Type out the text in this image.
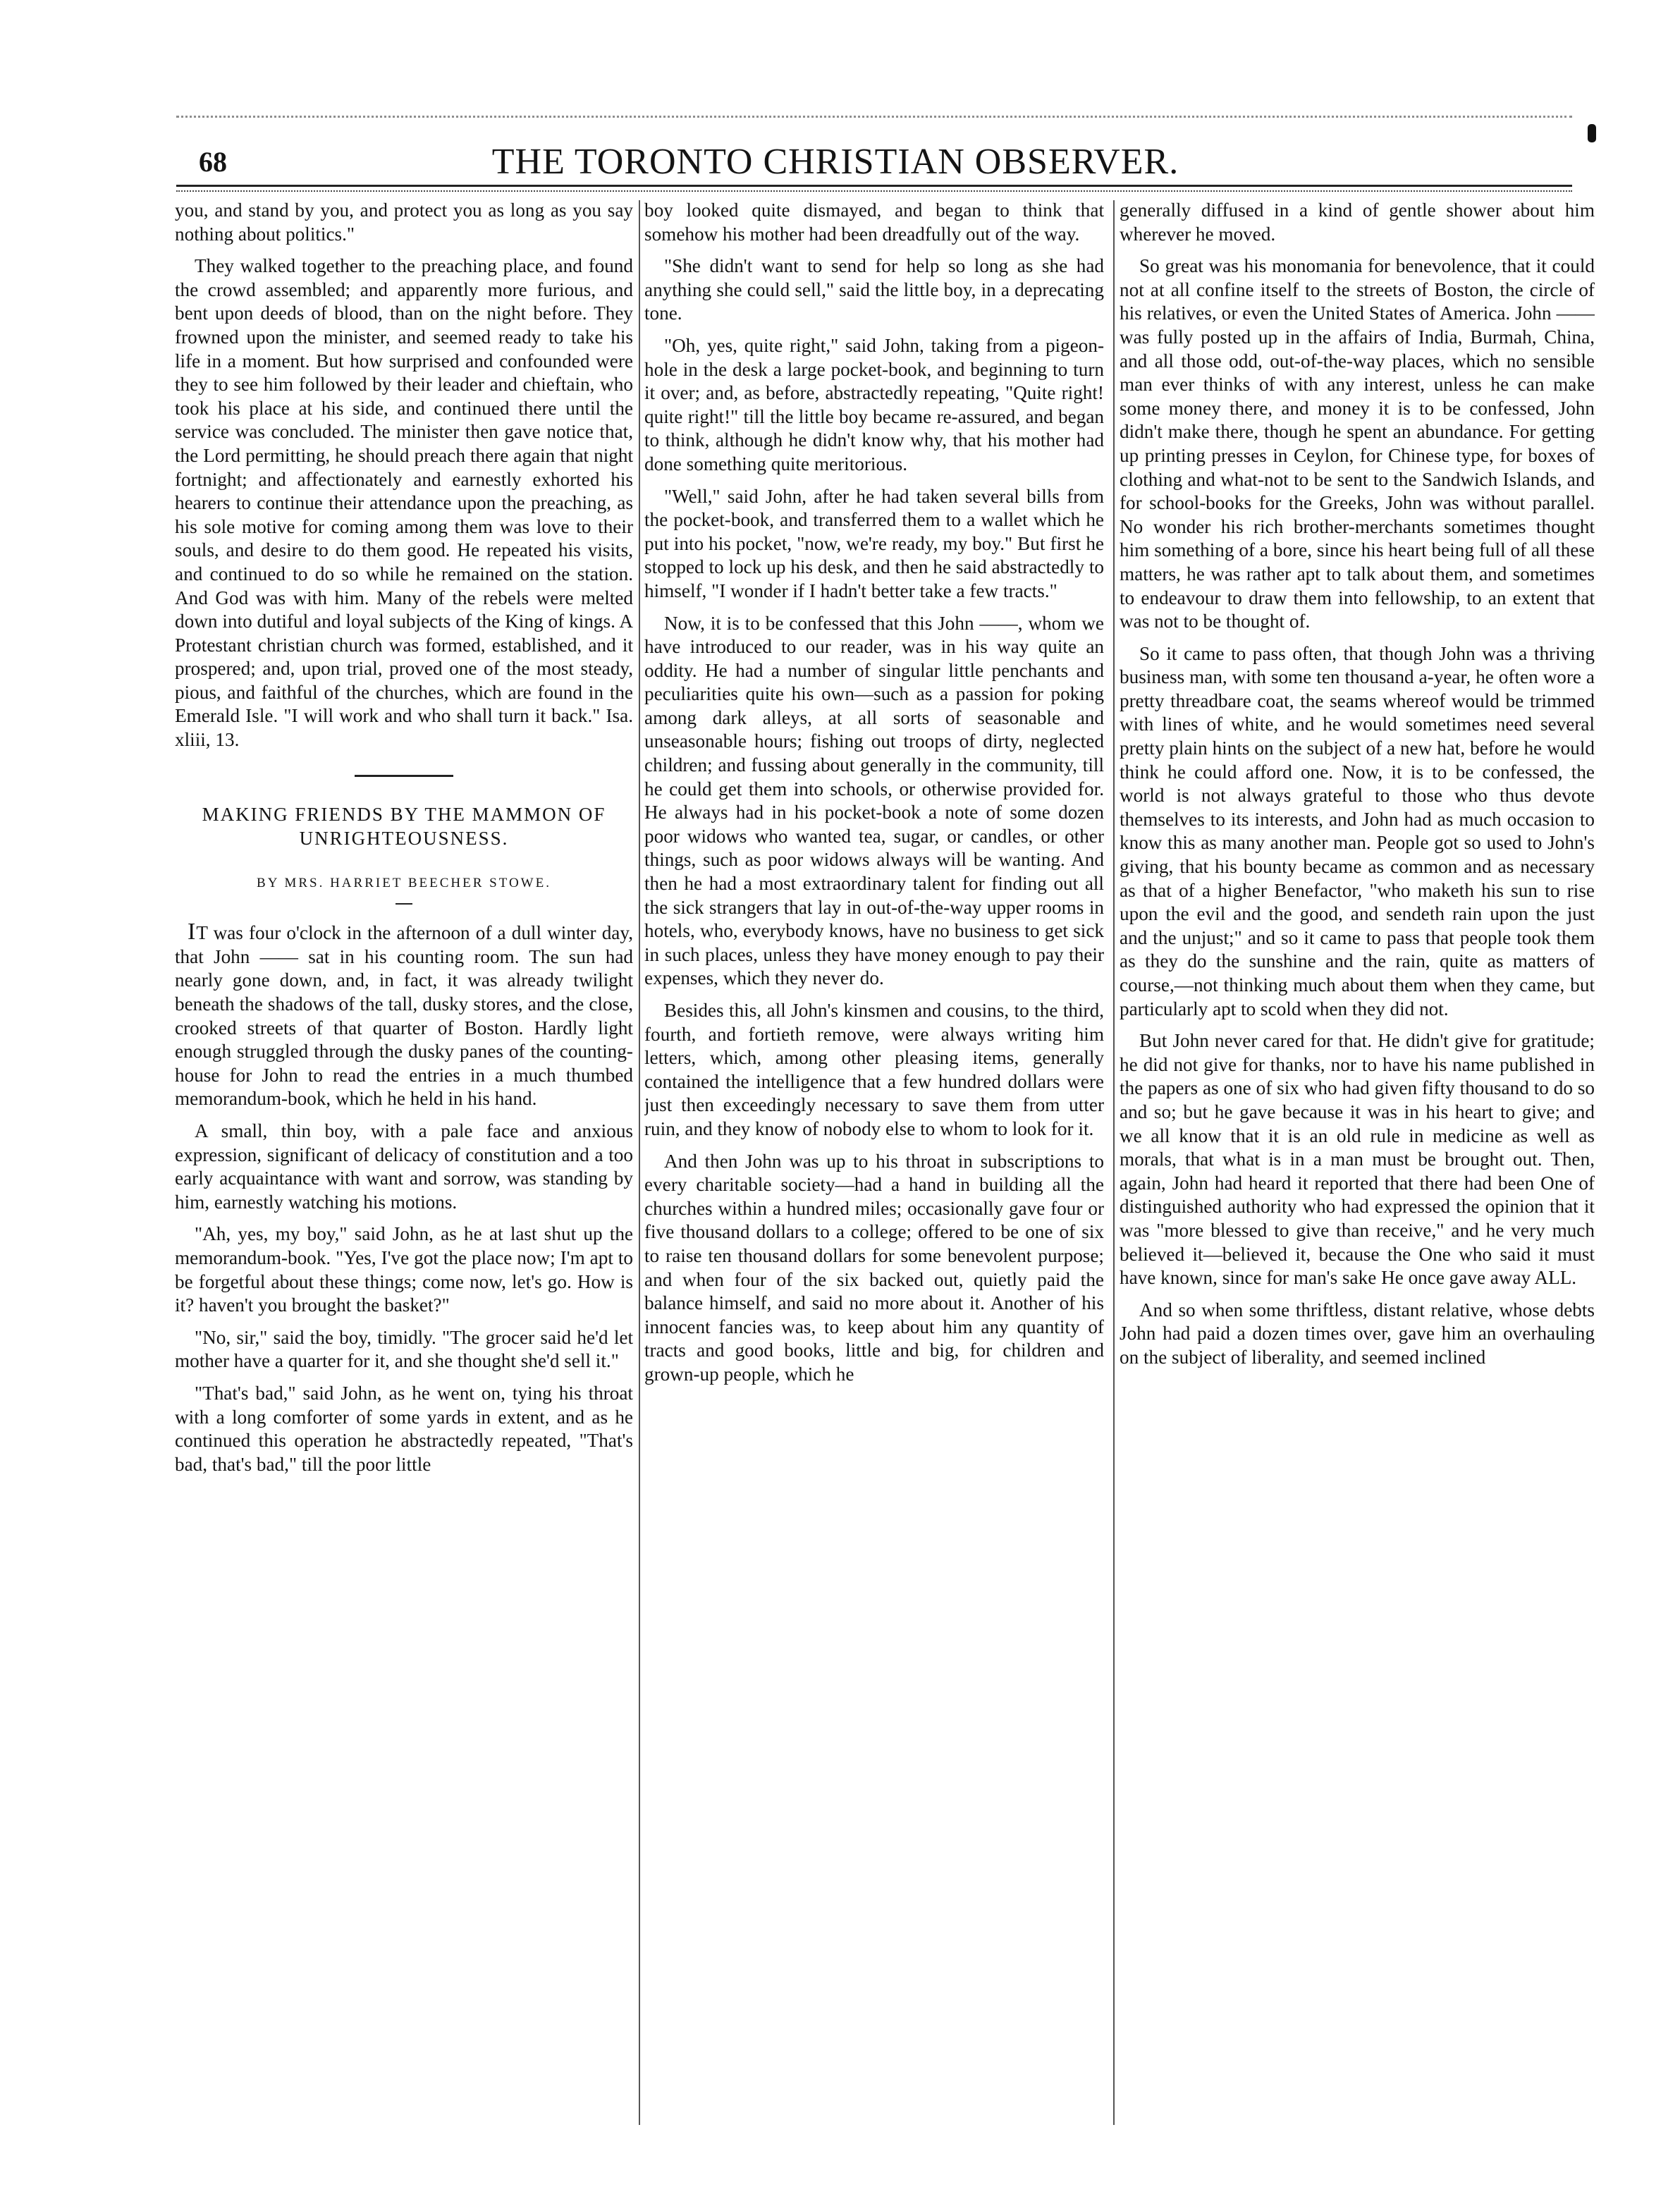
68	THE TORONTO CHRISTIAN OBSERVER.

you, and stand by you, and protect you as long as you say nothing about politics."

They walked together to the preaching place, and found the crowd assembled; and apparently more furious, and bent upon deeds of blood, than on the night before. They frowned upon the minister, and seemed ready to take his life in a moment. But how surprised and confounded were they to see him followed by their leader and chieftain, who took his place at his side, and continued there until the service was concluded. The minister then gave notice that, the Lord permitting, he should preach there again that night fortnight; and affectionately and earnestly exhorted his hearers to continue their attendance upon the preaching, as his sole motive for coming among them was love to their souls, and desire to do them good. He repeated his visits, and continued to do so while he remained on the station. And God was with him. Many of the rebels were melted down into dutiful and loyal subjects of the King of kings. A Protestant christian church was formed, established, and it prospered; and, upon trial, proved one of the most steady, pious, and faithful of the churches, which are found in the Emerald Isle. "I will work and who shall turn it back." Isa. xliii, 13.

MAKING FRIENDS BY THE MAMMON OF UNRIGHTEOUSNESS.
BY MRS. HARRIET BEECHER STOWE.

IT was four o'clock in the afternoon of a dull winter day, that John —— sat in his counting room. The sun had nearly gone down, and, in fact, it was already twilight beneath the shadows of the tall, dusky stores, and the close, crooked streets of that quarter of Boston. Hardly light enough struggled through the dusky panes of the counting-house for John to read the entries in a much thumbed memorandum-book, which he held in his hand.

A small, thin boy, with a pale face and anxious expression, significant of delicacy of constitution and a too early acquaintance with want and sorrow, was standing by him, earnestly watching his motions.

"Ah, yes, my boy," said John, as he at last shut up the memorandum-book. "Yes, I've got the place now; I'm apt to be forgetful about these things; come now, let's go. How is it? haven't you brought the basket?"

"No, sir," said the boy, timidly. "The grocer said he'd let mother have a quarter for it, and she thought she'd sell it."

"That's bad," said John, as he went on, tying his throat with a long comforter of some yards in extent, and as he continued this operation he abstractedly repeated, "That's bad, that's bad," till the poor little

boy looked quite dismayed, and began to think that somehow his mother had been dreadfully out of the way.

"She didn't want to send for help so long as she had anything she could sell," said the little boy, in a deprecating tone.

"Oh, yes, quite right," said John, taking from a pigeon-hole in the desk a large pocket-book, and beginning to turn it over; and, as before, abstractedly repeating, "Quite right! quite right!" till the little boy became re-assured, and began to think, although he didn't know why, that his mother had done something quite meritorious.

"Well," said John, after he had taken several bills from the pocket-book, and transferred them to a wallet which he put into his pocket, "now, we're ready, my boy." But first he stopped to lock up his desk, and then he said abstractedly to himself, "I wonder if I hadn't better take a few tracts."

Now, it is to be confessed that this John ——, whom we have introduced to our reader, was in his way quite an oddity. He had a number of singular little penchants and peculiarities quite his own—such as a passion for poking among dark alleys, at all sorts of seasonable and unseasonable hours; fishing out troops of dirty, neglected children; and fussing about generally in the community, till he could get them into schools, or otherwise provided for. He always had in his pocket-book a note of some dozen poor widows who wanted tea, sugar, or candles, or other things, such as poor widows always will be wanting. And then he had a most extraordinary talent for finding out all the sick strangers that lay in out-of-the-way upper rooms in hotels, who, everybody knows, have no business to get sick in such places, unless they have money enough to pay their expenses, which they never do.

Besides this, all John's kinsmen and cousins, to the third, fourth, and fortieth remove, were always writing him letters, which, among other pleasing items, generally contained the intelligence that a few hundred dollars were just then exceedingly necessary to save them from utter ruin, and they know of nobody else to whom to look for it.

And then John was up to his throat in subscriptions to every charitable society—had a hand in building all the churches within a hundred miles; occasionally gave four or five thousand dollars to a college; offered to be one of six to raise ten thousand dollars for some benevolent purpose; and when four of the six backed out, quietly paid the balance himself, and said no more about it. Another of his innocent fancies was, to keep about him any quantity of tracts and good books, little and big, for children and grown-up people, which he

generally diffused in a kind of gentle shower about him wherever he moved.

So great was his monomania for benevolence, that it could not at all confine itself to the streets of Boston, the circle of his relatives, or even the United States of America. John —— was fully posted up in the affairs of India, Burmah, China, and all those odd, out-of-the-way places, which no sensible man ever thinks of with any interest, unless he can make some money there, and money it is to be confessed, John didn't make there, though he spent an abundance. For getting up printing presses in Ceylon, for Chinese type, for boxes of clothing and what-not to be sent to the Sandwich Islands, and for school-books for the Greeks, John was without parallel. No wonder his rich brother-merchants sometimes thought him something of a bore, since his heart being full of all these matters, he was rather apt to talk about them, and sometimes to endeavour to draw them into fellowship, to an extent that was not to be thought of.

So it came to pass often, that though John was a thriving business man, with some ten thousand a-year, he often wore a pretty threadbare coat, the seams whereof would be trimmed with lines of white, and he would sometimes need several pretty plain hints on the subject of a new hat, before he would think he could afford one. Now, it is to be confessed, the world is not always grateful to those who thus devote themselves to its interests, and John had as much occasion to know this as many another man. People got so used to John's giving, that his bounty became as common and as necessary as that of a higher Benefactor, "who maketh his sun to rise upon the evil and the good, and sendeth rain upon the just and the unjust;" and so it came to pass that people took them as they do the sunshine and the rain, quite as matters of course,—not thinking much about them when they came, but particularly apt to scold when they did not.

But John never cared for that. He didn't give for gratitude; he did not give for thanks, nor to have his name published in the papers as one of six who had given fifty thousand to do so and so; but he gave because it was in his heart to give; and we all know that it is an old rule in medicine as well as morals, that what is in a man must be brought out. Then, again, John had heard it reported that there had been One of distinguished authority who had expressed the opinion that it was "more blessed to give than receive," and he very much believed it—believed it, because the One who said it must have known, since for man's sake He once gave away ALL.

And so when some thriftless, distant relative, whose debts John had paid a dozen times over, gave him an overhauling on the subject of liberality, and seemed inclined
